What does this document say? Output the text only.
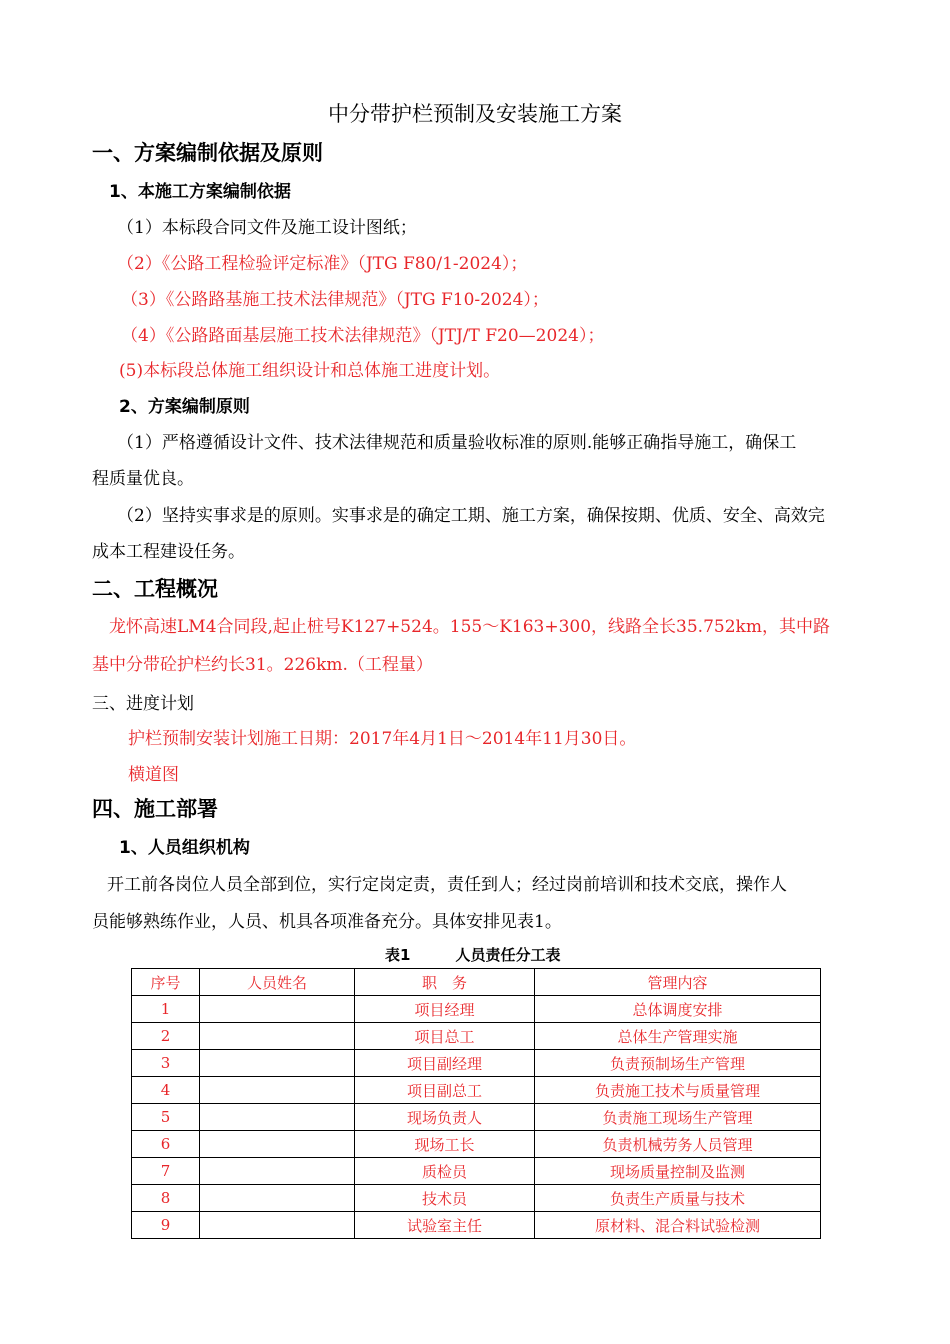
中分带护栏预制及安装施工方案
一、方案编制依据及原则
1、本施工方案编制依据
（1）本标段合同文件及施工设计图纸；
（2）《公路工程检验评定标准》（JTG F80/1-2024）；
（3）《公路路基施工技术法律规范》（JTG F10-2024）；
（4）《公路路面基层施工技术法律规范》（JTJ/T F20—2024）；
(5)本标段总体施工组织设计和总体施工进度计划。
2、方案编制原则
（1）严格遵循设计文件、技术法律规范和质量验收标准的原则.能够正确指导施工，确保工
程质量优良。
（2）坚持实事求是的原则。实事求是的确定工期、施工方案，确保按期、优质、安全、高效完
成本工程建设任务。
二、工程概况
龙怀高速LM4合同段,起止桩号K127+524。155～K163+300，线路全长35.752km，其中路
基中分带砼护栏约长31。226km.（工程量）
三、进度计划
护栏预制安装计划施工日期：2017年4月1日～2014年11月30日。
横道图
四、施工部署
1、人员组织机构
开工前各岗位人员全部到位，实行定岗定责，责任到人；经过岗前培训和技术交底，操作人
员能够熟练作业，人员、机具各项准备充分。具体安排见表1。
表1　　　人员责任分工表
序号	人员姓名	职　务	管理内容
1		项目经理	总体调度安排
2		项目总工	总体生产管理实施
3		项目副经理	负责预制场生产管理
4		项目副总工	负责施工技术与质量管理
5		现场负责人	负责施工现场生产管理
6		现场工长	负责机械劳务人员管理
7		质检员	现场质量控制及监测
8		技术员	负责生产质量与技术
9		试验室主任	原材料、混合料试验检测
